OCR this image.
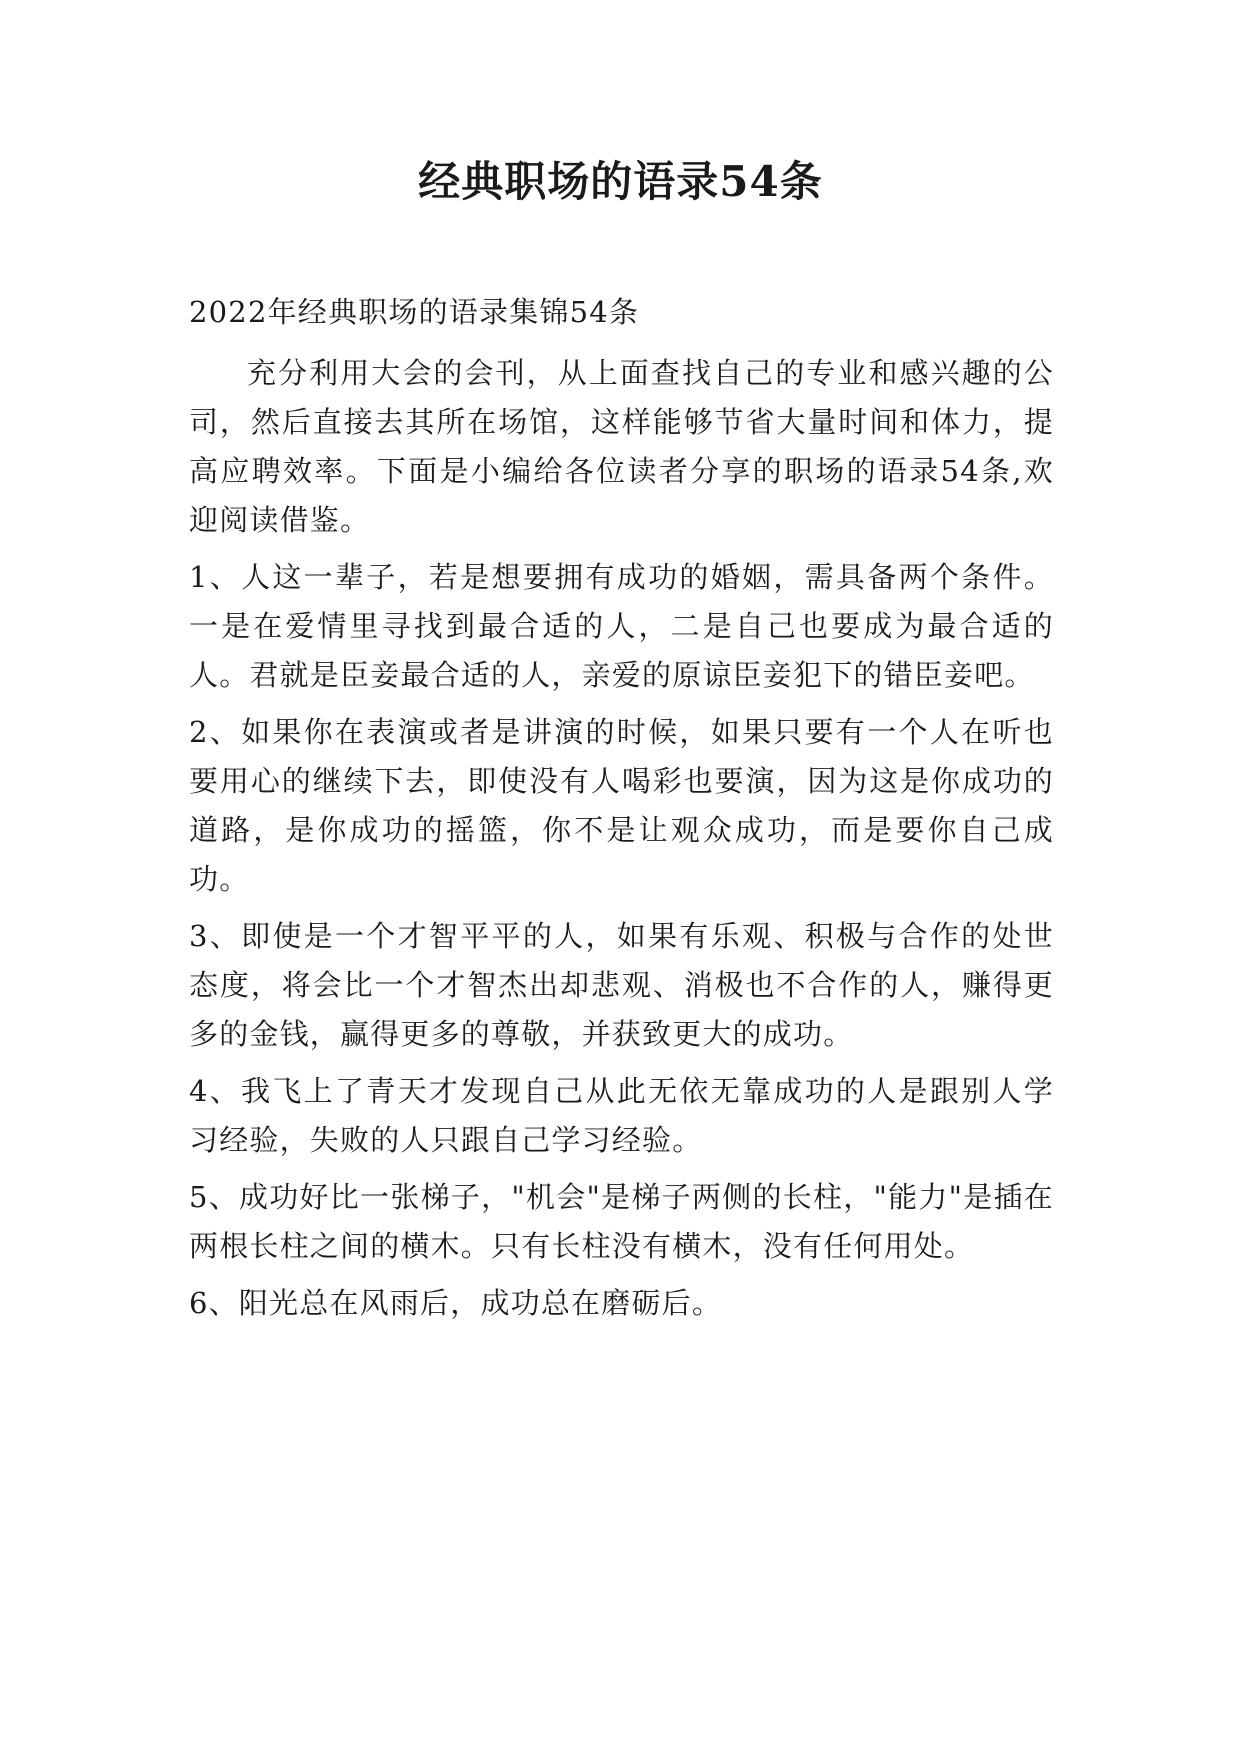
经典职场的语录54条

2022年经典职场的语录集锦54条

充分利用大会的会刊，从上面查找自己的专业和感兴趣的公司，然后直接去其所在场馆，这样能够节省大量时间和体力，提高应聘效率。下面是小编给各位读者分享的职场的语录54条,欢迎阅读借鉴。

1、人这一辈子，若是想要拥有成功的婚姻，需具备两个条件。一是在爱情里寻找到最合适的人，二是自己也要成为最合适的人。君就是臣妾最合适的人，亲爱的原谅臣妾犯下的错臣妾吧。

2、如果你在表演或者是讲演的时候，如果只要有一个人在听也要用心的继续下去，即使没有人喝彩也要演，因为这是你成功的道路，是你成功的摇篮，你不是让观众成功，而是要你自己成功。

3、即使是一个才智平平的人，如果有乐观、积极与合作的处世态度，将会比一个才智杰出却悲观、消极也不合作的人，赚得更多的金钱，赢得更多的尊敬，并获致更大的成功。

4、我飞上了青天才发现自己从此无依无靠成功的人是跟别人学习经验，失败的人只跟自己学习经验。

5、成功好比一张梯子，"机会"是梯子两侧的长柱，"能力"是插在两根长柱之间的横木。只有长柱没有横木，没有任何用处。

6、阳光总在风雨后，成功总在磨砺后。
